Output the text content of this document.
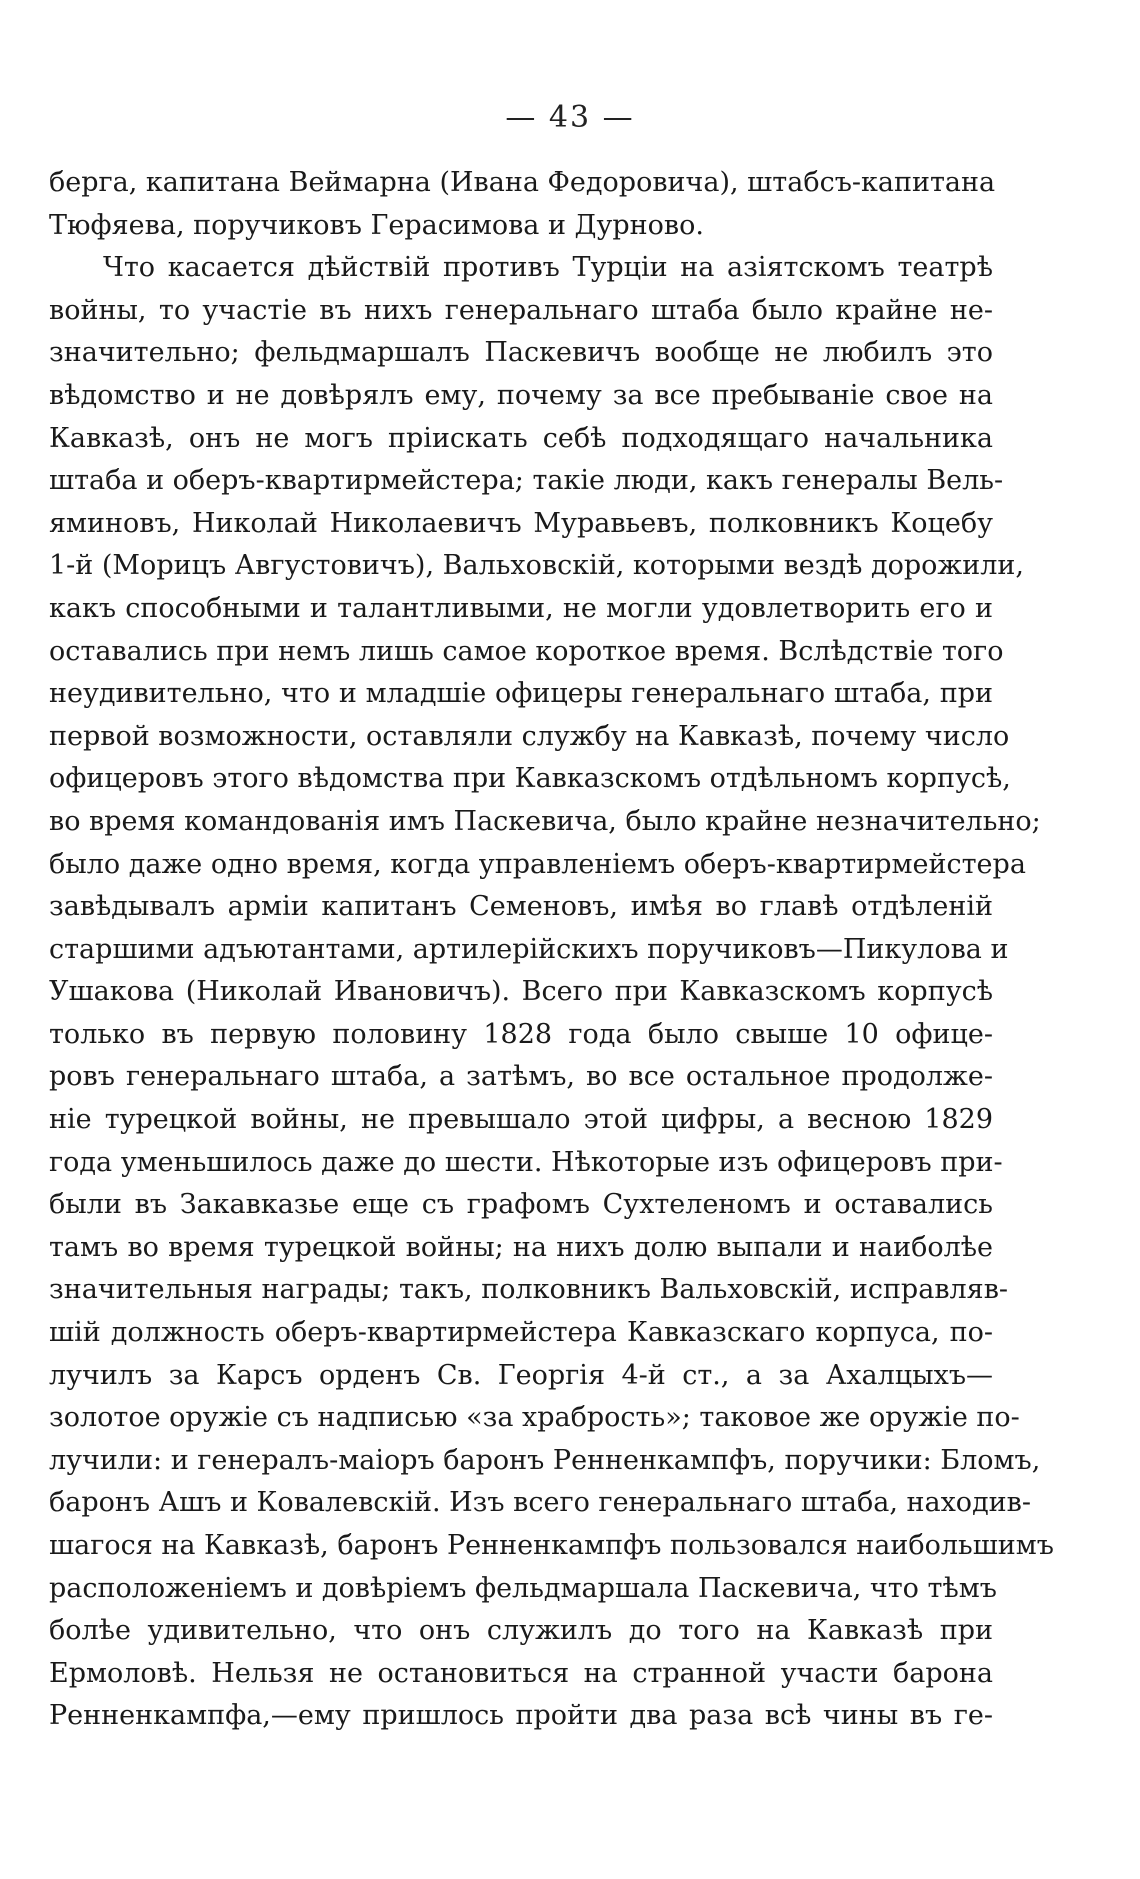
— 43 —
берга, капитана Веймарна (Ивана Федоровича), штабсъ-капитана
Тюфяева, поручиковъ Герасимова и Дурново.
Что касается дѣйствій противъ Турціи на азіятскомъ театрѣ
войны, то участіе въ нихъ генеральнаго штаба было крайне не-
значительно; фельдмаршалъ Паскевичъ вообще не любилъ это
вѣдомство и не довѣрялъ ему, почему за все пребываніе свое на
Кавказѣ, онъ не могъ пріискать себѣ подходящаго начальника
штаба и оберъ-квартирмейстера; такіе люди, какъ генералы Вель-
яминовъ, Николай Николаевичъ Муравьевъ, полковникъ Коцебу
1-й (Морицъ Августовичъ), Вальховскій, которыми вездѣ дорожили,
какъ способными и талантливыми, не могли удовлетворить его и
оставались при немъ лишь самое короткое время. Вслѣдствіе того
неудивительно, что и младшіе офицеры генеральнаго штаба, при
первой возможности, оставляли службу на Кавказѣ, почему число
офицеровъ этого вѣдомства при Кавказскомъ отдѣльномъ корпусѣ,
во время командованія имъ Паскевича, было крайне незначительно;
было даже одно время, когда управленіемъ оберъ-квартирмейстера
завѣдывалъ арміи капитанъ Семеновъ, имѣя во главѣ отдѣленій
старшими адъютантами, артилерійскихъ поручиковъ—Пикулова и
Ушакова (Николай Ивановичъ). Всего при Кавказскомъ корпусѣ
только въ первую половину 1828 года было свыше 10 офице-
ровъ генеральнаго штаба, а затѣмъ, во все остальное продолже-
ніе турецкой войны, не превышало этой цифры, а весною 1829
года уменьшилось даже до шести. Нѣкоторые изъ офицеровъ при-
были въ Закавказье еще съ графомъ Сухтеленомъ и оставались
тамъ во время турецкой войны; на нихъ долю выпали и наиболѣе
значительныя награды; такъ, полковникъ Вальховскій, исправляв-
шій должность оберъ-квартирмейстера Кавказскаго корпуса, по-
лучилъ за Карсъ орденъ Св. Георгія 4-й ст., а за Ахалцыхъ—
золотое оружіе съ надписью «за храбрость»; таковое же оружіе по-
лучили: и генералъ-маіоръ баронъ Ренненкампфъ, поручики: Бломъ,
баронъ Ашъ и Ковалевскій. Изъ всего генеральнаго штаба, находив-
шагося на Кавказѣ, баронъ Ренненкампфъ пользовался наибольшимъ
расположеніемъ и довѣріемъ фельдмаршала Паскевича, что тѣмъ
болѣе удивительно, что онъ служилъ до того на Кавказѣ при
Ермоловѣ. Нельзя не остановиться на странной участи барона
Ренненкампфа,—ему пришлось пройти два раза всѣ чины въ ге-
